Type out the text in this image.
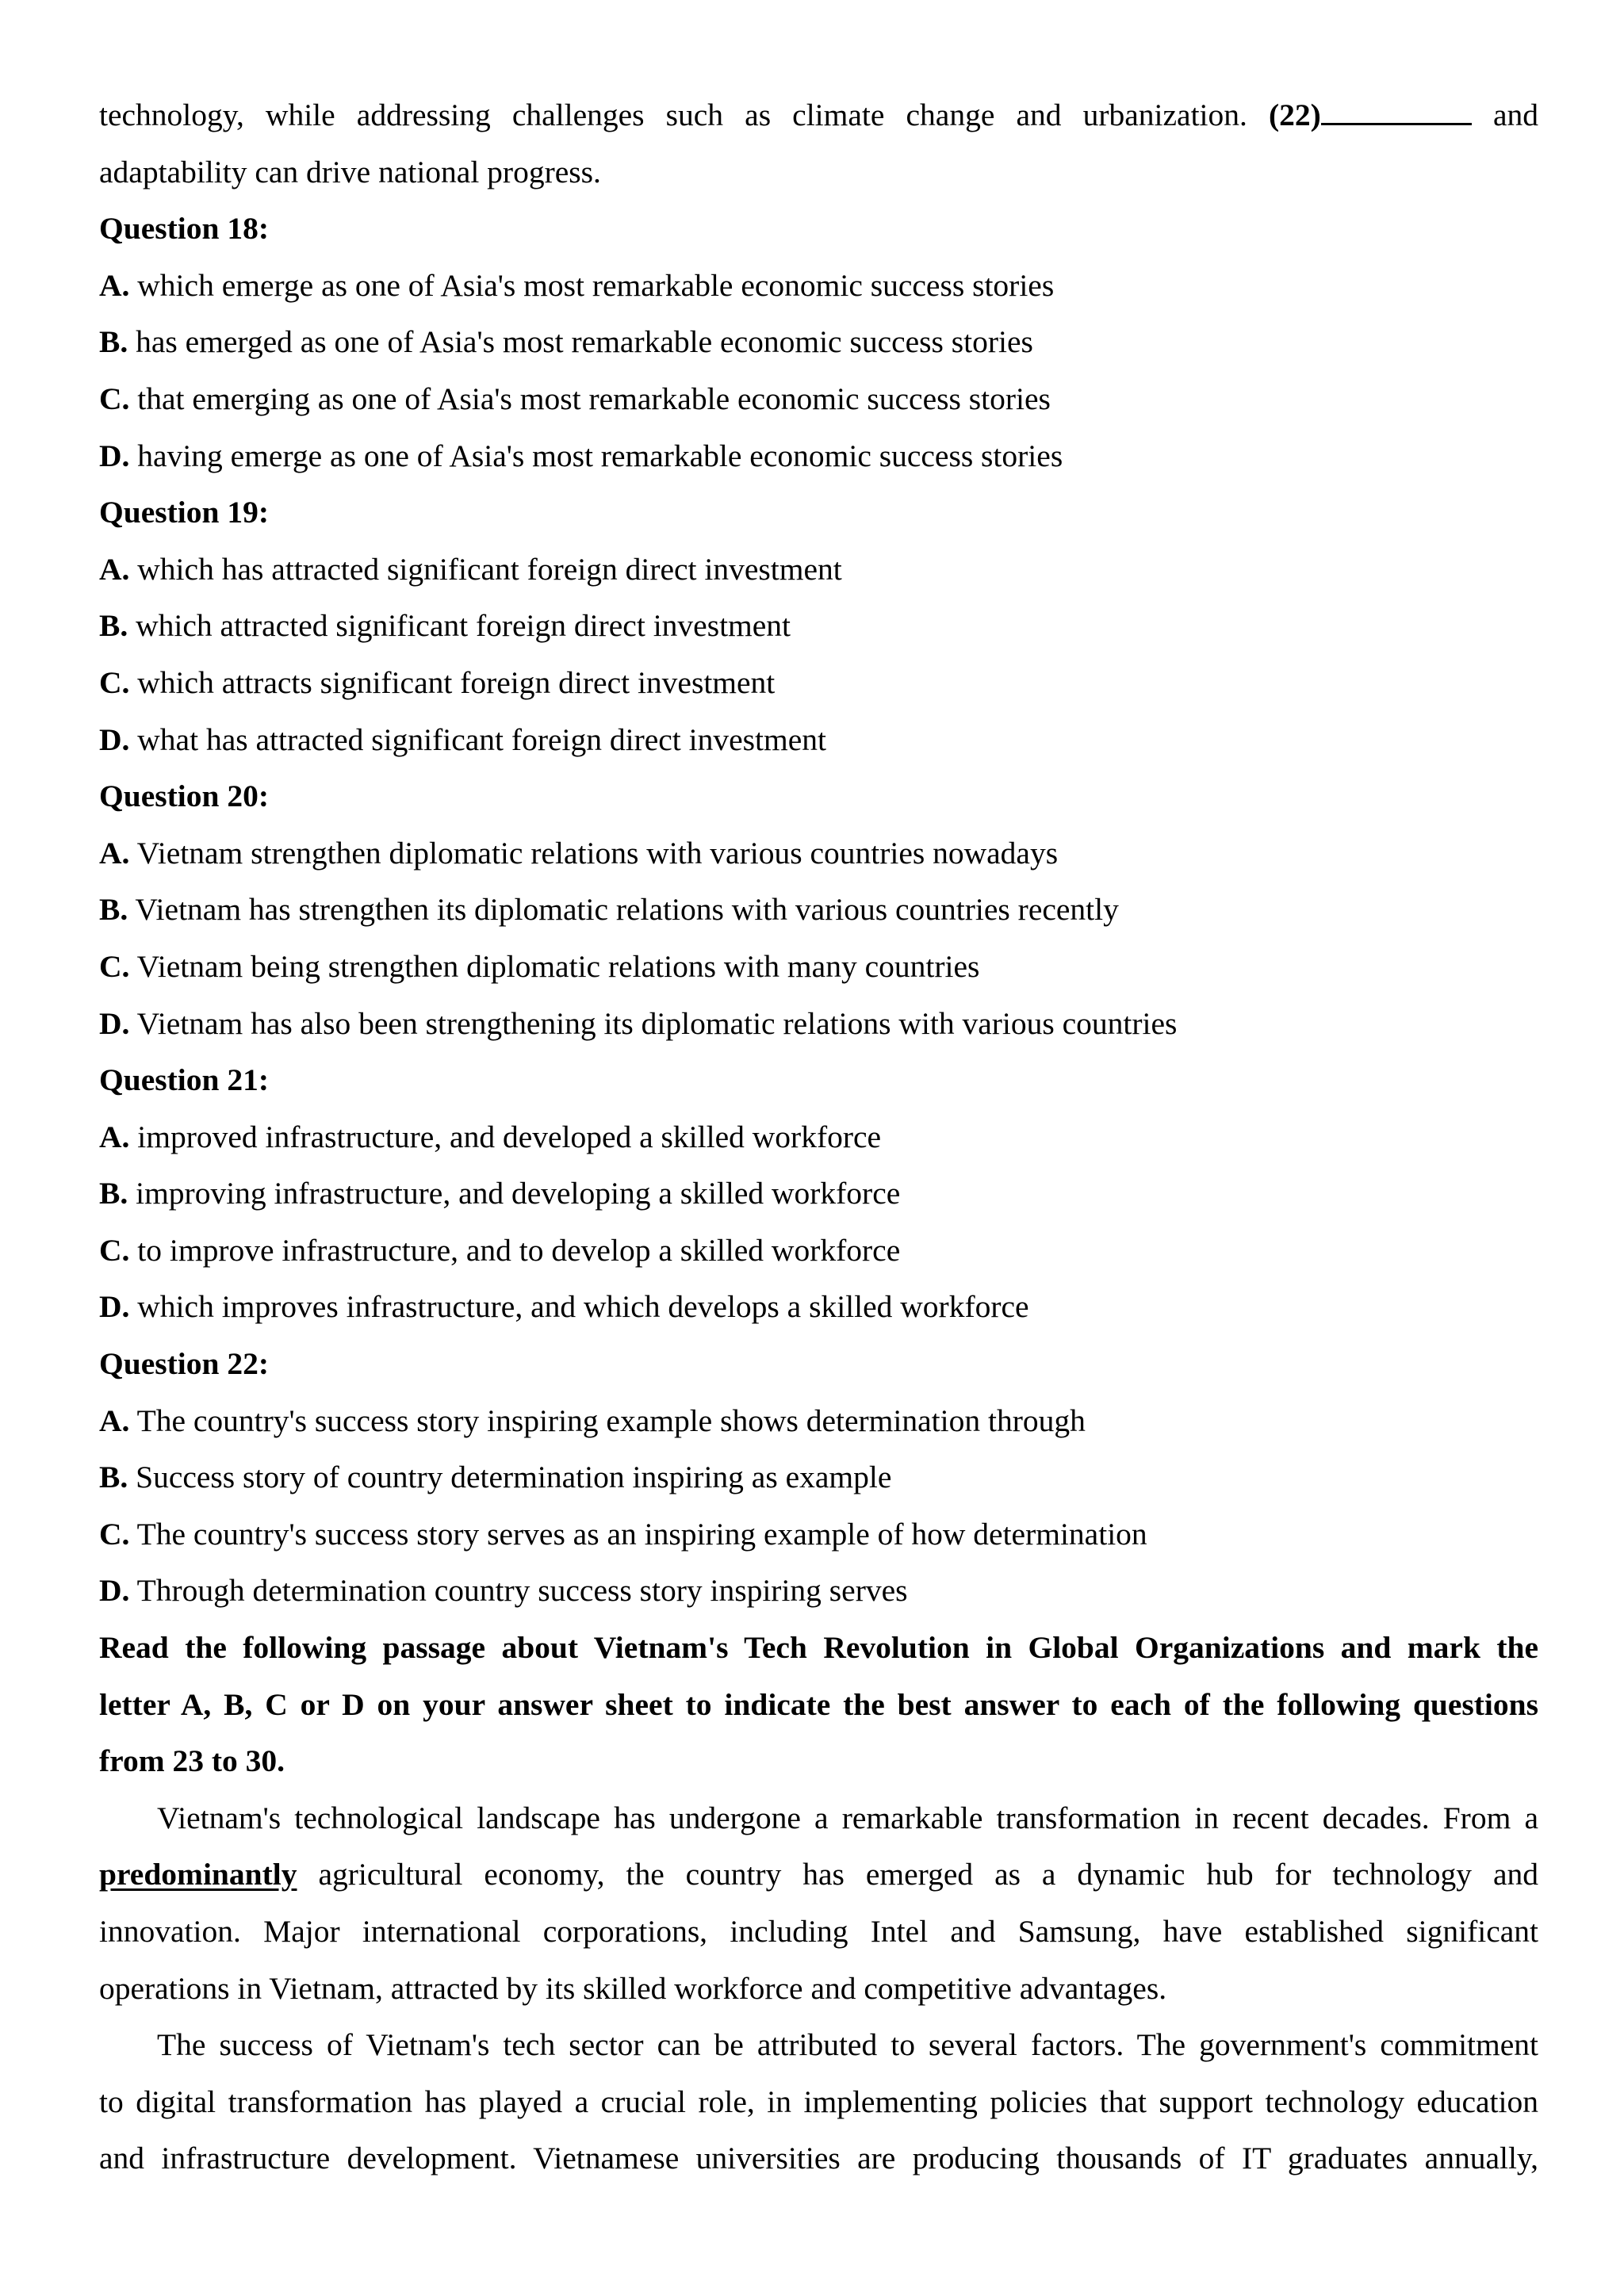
technology, while addressing challenges such as climate change and urbanization. (22)	and

adaptability can drive national progress.

Question 18:

A. which emerge as one of Asia's most remarkable economic success stories

B. has emerged as one of Asia's most remarkable economic success stories

C. that emerging as one of Asia's most remarkable economic success stories

D. having emerge as one of Asia's most remarkable economic success stories

Question 19:

A. which has attracted significant foreign direct investment

B. which attracted significant foreign direct investment

C. which attracts significant foreign direct investment

D. what has attracted significant foreign direct investment

Question 20:

A. Vietnam strengthen diplomatic relations with various countries nowadays

B. Vietnam has strengthen its diplomatic relations with various countries recently

C. Vietnam being strengthen diplomatic relations with many countries

D. Vietnam has also been strengthening its diplomatic relations with various countries

Question 21:

A. improved infrastructure, and developed a skilled workforce

B. improving infrastructure, and developing a skilled workforce

C. to improve infrastructure, and to develop a skilled workforce

D. which improves infrastructure, and which develops a skilled workforce

Question 22:

A. The country's success story inspiring example shows determination through

B. Success story of country determination inspiring as example

C. The country's success story serves as an inspiring example of how determination

D. Through determination country success story inspiring serves

Read the following passage about Vietnam's Tech Revolution in Global Organizations and mark the

letter A, B, C or D on your answer sheet to indicate the best answer to each of the following questions

from 23 to 30.

Vietnam's technological landscape has undergone a remarkable transformation in recent decades. From a

predominantly agricultural economy, the country has emerged as a dynamic hub for technology and

innovation. Major international corporations, including Intel and Samsung, have established significant

operations in Vietnam, attracted by its skilled workforce and competitive advantages.

The success of Vietnam's tech sector can be attributed to several factors. The government's commitment

to digital transformation has played a crucial role, in implementing policies that support technology education

and infrastructure development. Vietnamese universities are producing thousands of IT graduates annually,
